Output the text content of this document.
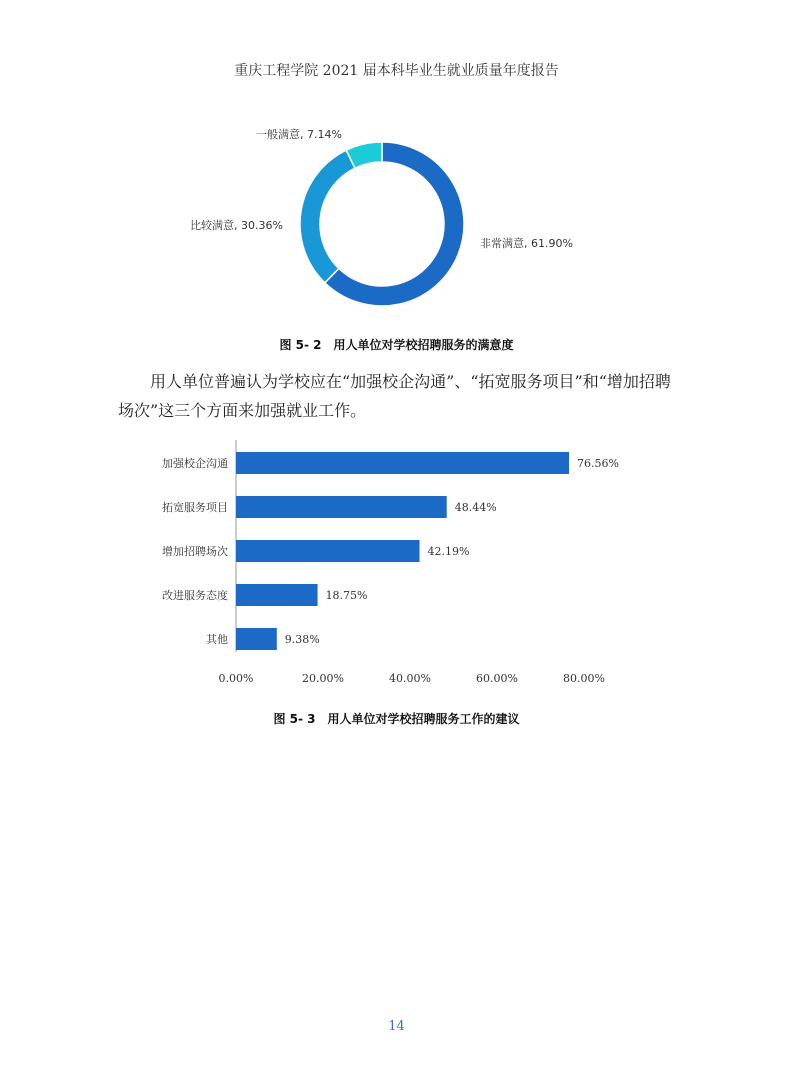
重庆工程学院 2021 届本科毕业生就业质量年度报告
非常满意, 61.90%
比较满意, 30.36%
一般满意, 7.14%
图 5- 2　用人单位对学校招聘服务的满意度

用人单位普遍认为学校应在“加强校企沟通”、“拓宽服务项目”和“增加招聘场次”这三个方面来加强就业工作。

0.00%	20.00%	40.00%	60.00%	80.00%
加强校企沟通
拓宽服务项目
增加招聘场次
改进服务态度
其他
76.56%
48.44%
42.19%
18.75%
9.38%
图 5- 3　用人单位对学校招聘服务工作的建议
14
